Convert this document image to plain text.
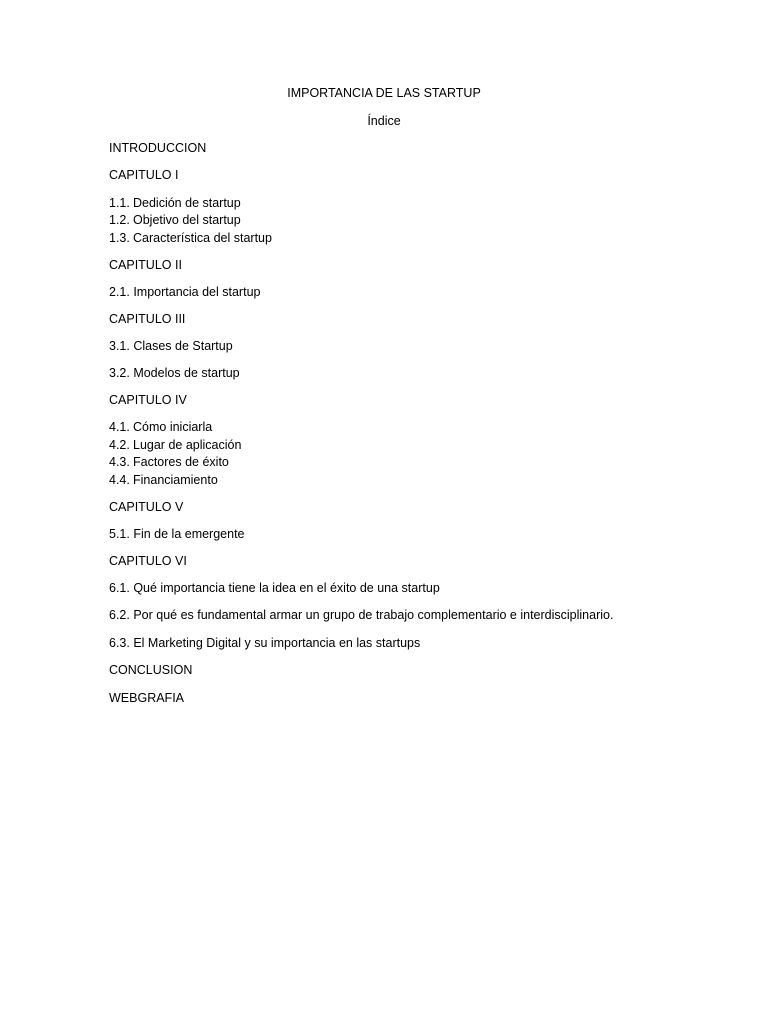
IMPORTANCIA DE LAS STARTUP
Índice
INTRODUCCION
CAPITULO I
1.1. Dedición de startup
1.2. Objetivo del startup
1.3. Característica del startup
CAPITULO II
2.1. Importancia del startup
CAPITULO III
3.1. Clases de Startup
3.2. Modelos de startup
CAPITULO IV
4.1. Cómo iniciarla
4.2. Lugar de aplicación
4.3. Factores de éxito
4.4. Financiamiento
CAPITULO V
5.1. Fin de la emergente
CAPITULO VI
6.1. Qué importancia tiene la idea en el éxito de una startup
6.2. Por qué es fundamental armar un grupo de trabajo complementario e interdisciplinario.
6.3. El Marketing Digital y su importancia en las startups
CONCLUSION
WEBGRAFIA
